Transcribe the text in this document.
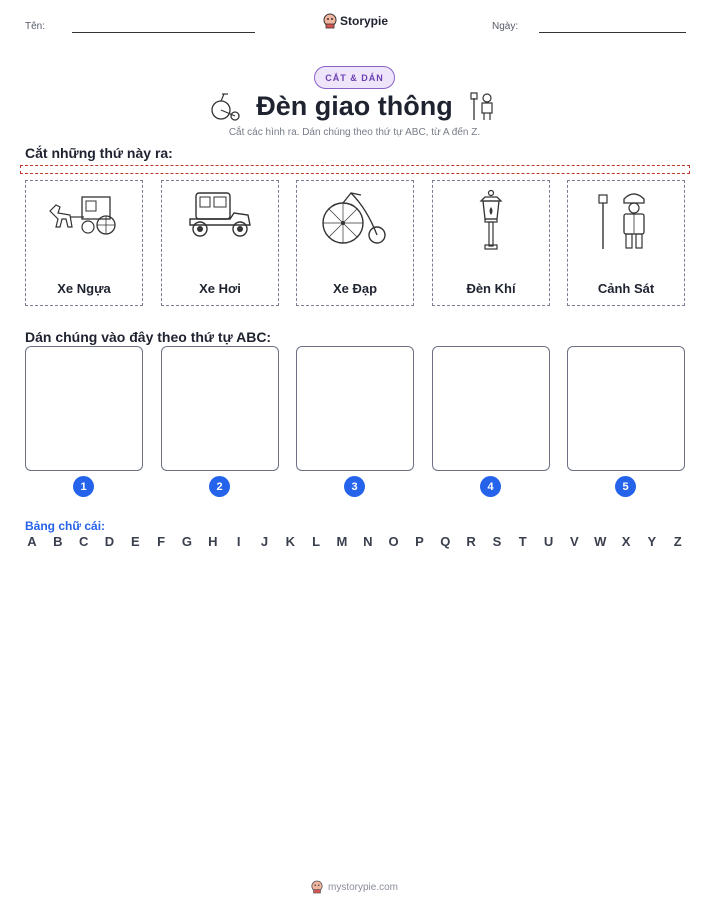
Tên:	Storypie	Ngày:
CẮT & DÁN
Đèn giao thông
Cắt các hình ra. Dán chúng theo thứ tự ABC, từ A đến Z.
Cắt những thứ này ra:
Xe Ngựa	Xe Hơi	Xe Đạp	Đèn Khí	Cảnh Sát
Dán chúng vào đây theo thứ tự ABC:
1	2	3	4	5
Bảng chữ cái:
A B C D E F G H	I	J K L M N O P Q R S T U V W X Y Z
mystorypie.com
